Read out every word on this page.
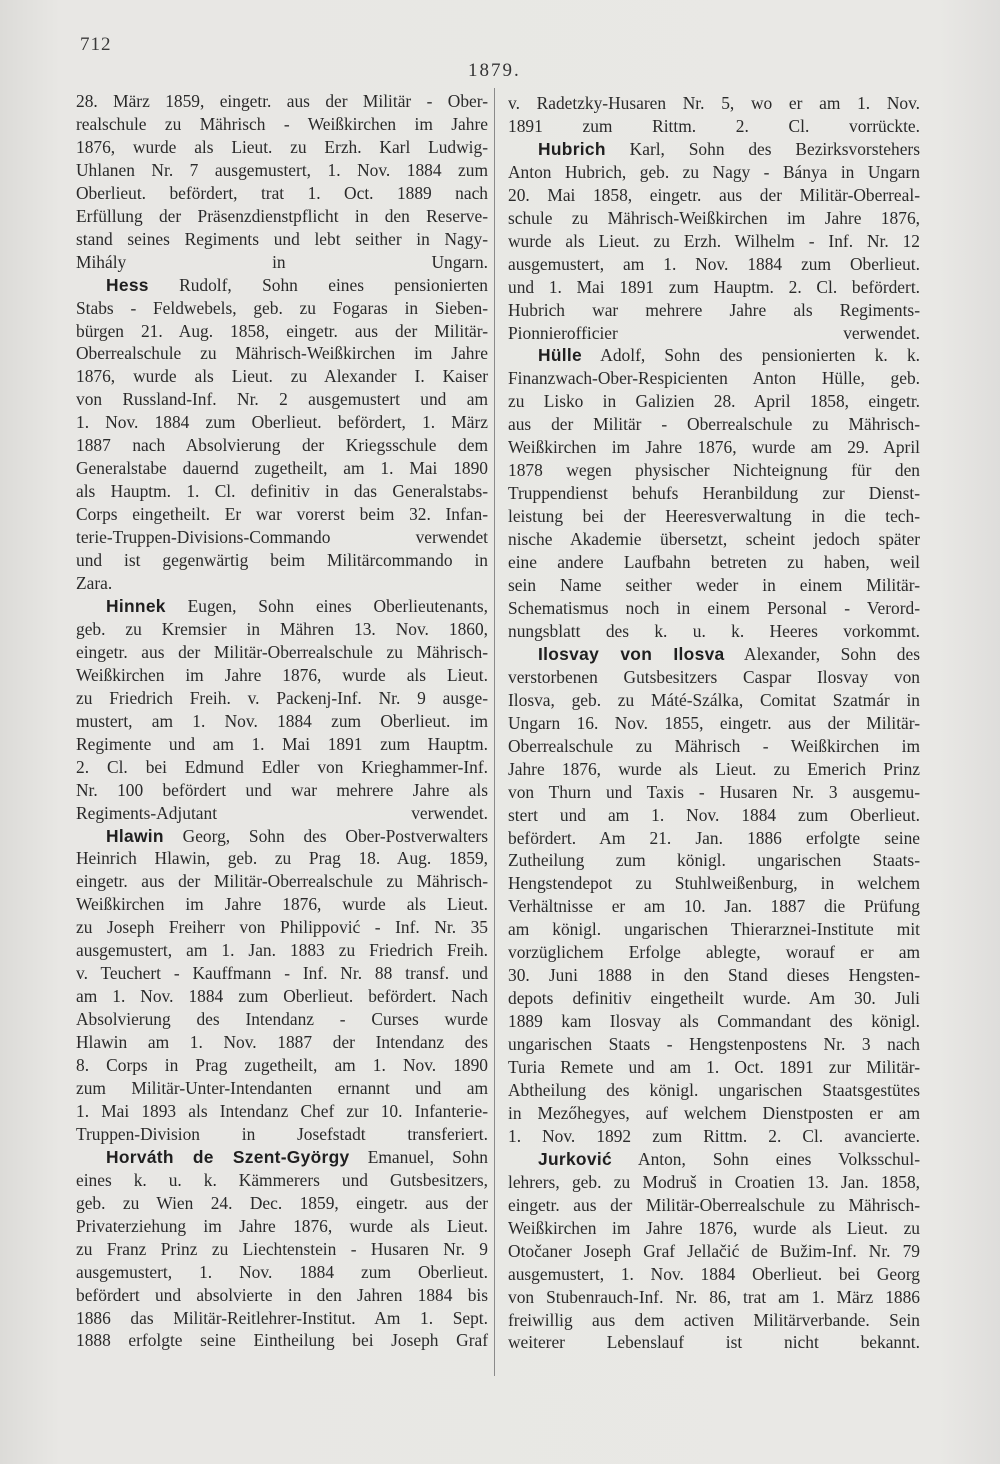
712
1879.
28. März 1859, eingetr. aus der Militär - Ober-
realschule zu Mährisch - Weißkirchen im Jahre
1876, wurde als Lieut. zu Erzh. Karl Ludwig-
Uhlanen Nr. 7 ausgemustert, 1. Nov. 1884 zum
Oberlieut. befördert, trat 1. Oct. 1889 nach
Erfüllung der Präsenzdienstpflicht in den Reserve-
stand seines Regiments und lebt seither in Nagy-
Mihály in Ungarn.
Hess Rudolf, Sohn eines pensionierten
Stabs - Feldwebels, geb. zu Fogaras in Sieben-
bürgen 21. Aug. 1858, eingetr. aus der Militär-
Oberrealschule zu Mährisch-Weißkirchen im Jahre
1876, wurde als Lieut. zu Alexander I. Kaiser
von Russland-Inf. Nr. 2 ausgemustert und am
1. Nov. 1884 zum Oberlieut. befördert, 1. März
1887 nach Absolvierung der Kriegsschule dem
Generalstabe dauernd zugetheilt, am 1. Mai 1890
als Hauptm. 1. Cl. definitiv in das Generalstabs-
Corps eingetheilt. Er war vorerst beim 32. Infan-
terie-Truppen-Divisions-Commando verwendet
und ist gegenwärtig beim Militärcommando in
Zara.
Hinnek Eugen, Sohn eines Oberlieutenants,
geb. zu Kremsier in Mähren 13. Nov. 1860,
eingetr. aus der Militär-Oberrealschule zu Mährisch-
Weißkirchen im Jahre 1876, wurde als Lieut.
zu Friedrich Freih. v. Packenj-Inf. Nr. 9 ausge-
mustert, am 1. Nov. 1884 zum Oberlieut. im
Regimente und am 1. Mai 1891 zum Hauptm.
2. Cl. bei Edmund Edler von Krieghammer-Inf.
Nr. 100 befördert und war mehrere Jahre als
Regiments-Adjutant verwendet.
Hlawin Georg, Sohn des Ober-Postverwalters
Heinrich Hlawin, geb. zu Prag 18. Aug. 1859,
eingetr. aus der Militär-Oberrealschule zu Mährisch-
Weißkirchen im Jahre 1876, wurde als Lieut.
zu Joseph Freiherr von Philippović - Inf. Nr. 35
ausgemustert, am 1. Jan. 1883 zu Friedrich Freih.
v. Teuchert - Kauffmann - Inf. Nr. 88 transf. und
am 1. Nov. 1884 zum Oberlieut. befördert. Nach
Absolvierung des Intendanz - Curses wurde
Hlawin am 1. Nov. 1887 der Intendanz des
8. Corps in Prag zugetheilt, am 1. Nov. 1890
zum Militär-Unter-Intendanten ernannt und am
1. Mai 1893 als Intendanz Chef zur 10. Infanterie-
Truppen-Division in Josefstadt transferiert.
Horváth de Szent-György Emanuel, Sohn
eines k. u. k. Kämmerers und Gutsbesitzers,
geb. zu Wien 24. Dec. 1859, eingetr. aus der
Privaterziehung im Jahre 1876, wurde als Lieut.
zu Franz Prinz zu Liechtenstein - Husaren Nr. 9
ausgemustert, 1. Nov. 1884 zum Oberlieut.
befördert und absolvierte in den Jahren 1884 bis
1886 das Militär-Reitlehrer-Institut. Am 1. Sept.
1888 erfolgte seine Eintheilung bei Joseph Graf
v. Radetzky-Husaren Nr. 5, wo er am 1. Nov.
1891 zum Rittm. 2. Cl. vorrückte.
Hubrich Karl, Sohn des Bezirksvorstehers
Anton Hubrich, geb. zu Nagy - Bánya in Ungarn
20. Mai 1858, eingetr. aus der Militär-Oberreal-
schule zu Mährisch-Weißkirchen im Jahre 1876,
wurde als Lieut. zu Erzh. Wilhelm - Inf. Nr. 12
ausgemustert, am 1. Nov. 1884 zum Oberlieut.
und 1. Mai 1891 zum Hauptm. 2. Cl. befördert.
Hubrich war mehrere Jahre als Regiments-
Pionnierofficier verwendet.
Hülle Adolf, Sohn des pensionierten k. k.
Finanzwach-Ober-Respicienten Anton Hülle, geb.
zu Lisko in Galizien 28. April 1858, eingetr.
aus der Militär - Oberrealschule zu Mährisch-
Weißkirchen im Jahre 1876, wurde am 29. April
1878 wegen physischer Nichteignung für den
Truppendienst behufs Heranbildung zur Dienst-
leistung bei der Heeresverwaltung in die tech-
nische Akademie übersetzt, scheint jedoch später
eine andere Laufbahn betreten zu haben, weil
sein Name seither weder in einem Militär-
Schematismus noch in einem Personal - Verord-
nungsblatt des k. u. k. Heeres vorkommt.
Ilosvay von Ilosva Alexander, Sohn des
verstorbenen Gutsbesitzers Caspar Ilosvay von
Ilosva, geb. zu Máté-Szálka, Comitat Szatmár in
Ungarn 16. Nov. 1855, eingetr. aus der Militär-
Oberrealschule zu Mährisch - Weißkirchen im
Jahre 1876, wurde als Lieut. zu Emerich Prinz
von Thurn und Taxis - Husaren Nr. 3 ausgemu-
stert und am 1. Nov. 1884 zum Oberlieut.
befördert. Am 21. Jan. 1886 erfolgte seine
Zutheilung zum königl. ungarischen Staats-
Hengstendepot zu Stuhlweißenburg, in welchem
Verhältnisse er am 10. Jan. 1887 die Prüfung
am königl. ungarischen Thierarznei-Institute mit
vorzüglichem Erfolge ablegte, worauf er am
30. Juni 1888 in den Stand dieses Hengsten-
depots definitiv eingetheilt wurde. Am 30. Juli
1889 kam Ilosvay als Commandant des königl.
ungarischen Staats - Hengstenpostens Nr. 3 nach
Turia Remete und am 1. Oct. 1891 zur Militär-
Abtheilung des königl. ungarischen Staatsgestütes
in Mezőhegyes, auf welchem Dienstposten er am
1. Nov. 1892 zum Rittm. 2. Cl. avancierte.
Jurković Anton, Sohn eines Volksschul-
lehrers, geb. zu Modruš in Croatien 13. Jan. 1858,
eingetr. aus der Militär-Oberrealschule zu Mährisch-
Weißkirchen im Jahre 1876, wurde als Lieut. zu
Otočaner Joseph Graf Jellačić de Bužim-Inf. Nr. 79
ausgemustert, 1. Nov. 1884 Oberlieut. bei Georg
von Stubenrauch-Inf. Nr. 86, trat am 1. März 1886
freiwillig aus dem activen Militärverbande. Sein
weiterer Lebenslauf ist nicht bekannt.
